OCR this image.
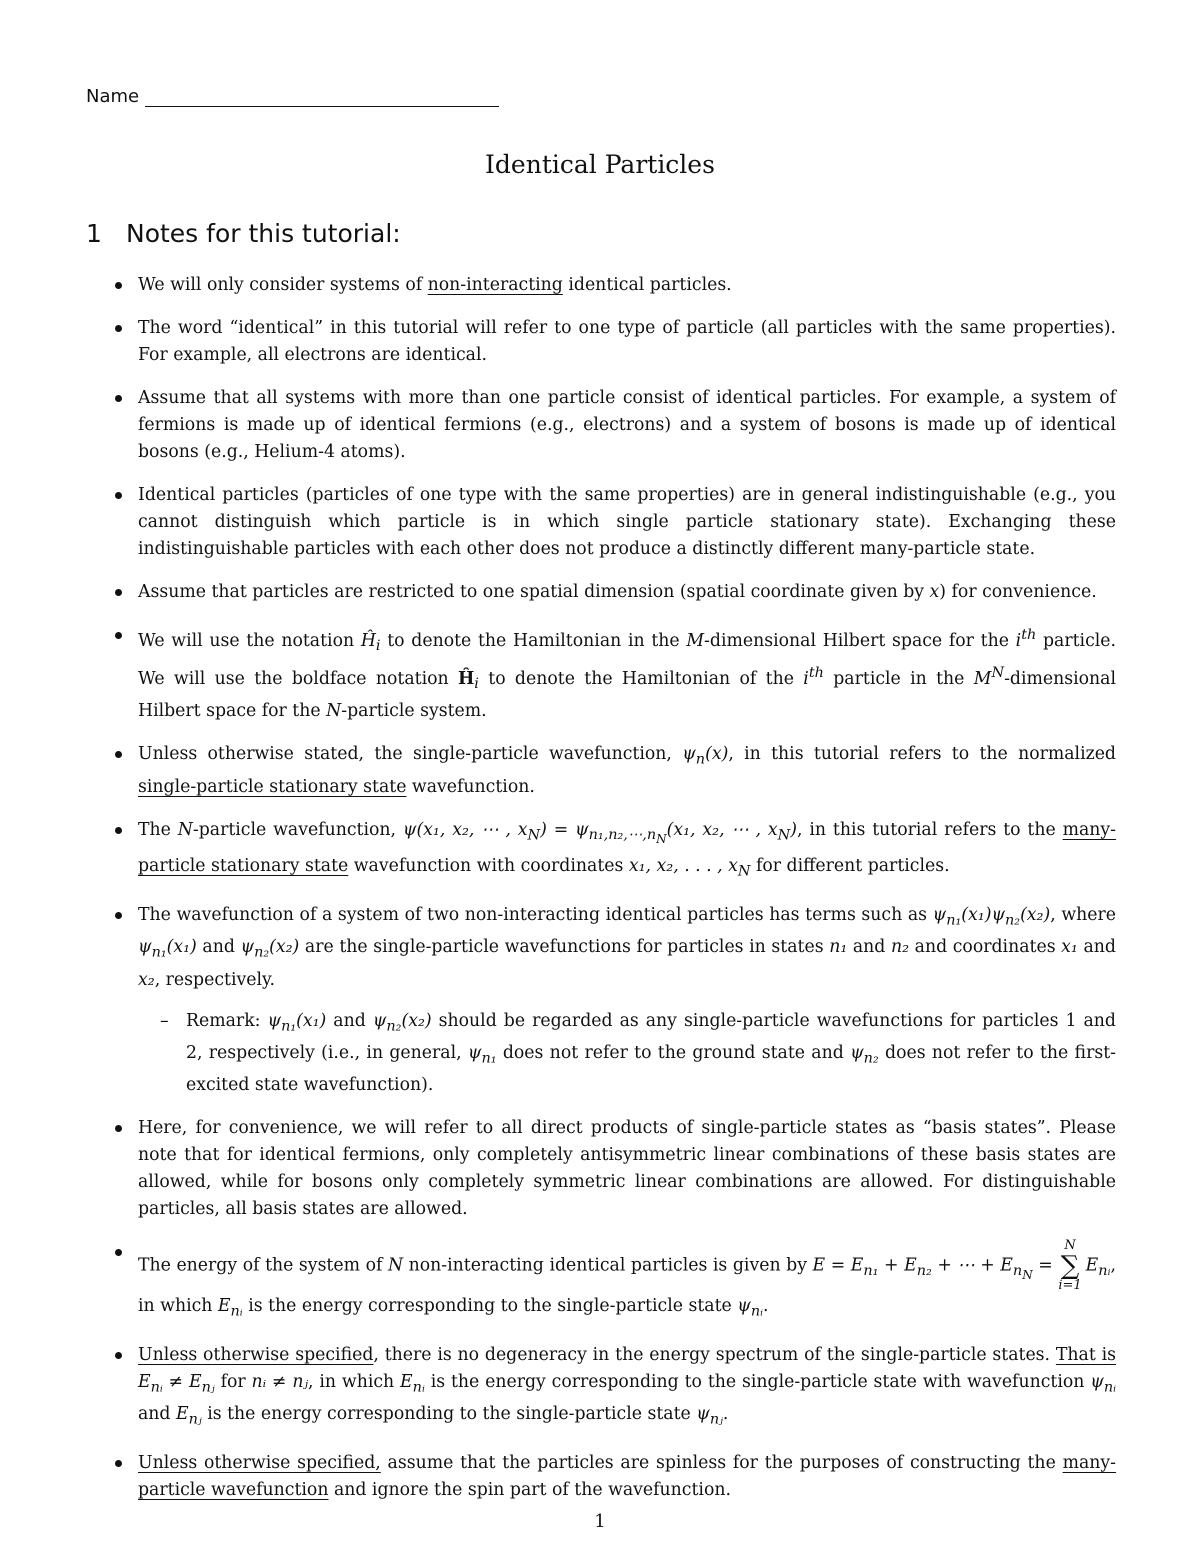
Name
Identical Particles
1 Notes for this tutorial:
We will only consider systems of non-interacting identical particles.
The word “identical” in this tutorial will refer to one type of particle (all particles with the same properties). For example, all electrons are identical.
Assume that all systems with more than one particle consist of identical particles. For example, a system of fermions is made up of identical fermions (e.g., electrons) and a system of bosons is made up of identical bosons (e.g., Helium-4 atoms).
Identical particles (particles of one type with the same properties) are in general indistinguishable (e.g., you cannot distinguish which particle is in which single particle stationary state). Exchanging these indistinguishable particles with each other does not produce a distinctly different many-particle state.
Assume that particles are restricted to one spatial dimension (spatial coordinate given by x) for convenience.
We will use the notation $Ĥ_i$ to denote the Hamiltonian in the M-dimensional Hilbert space for the $i^{th}$ particle. We will use the boldface notation $Ĥ_i$ to denote the Hamiltonian of the $i^{th}$ particle in the $M^N$-dimensional Hilbert space for the N-particle system.
Unless otherwise stated, the single-particle wavefunction, $\psi_n(x)$, in this tutorial refers to the normalized single-particle stationary state wavefunction.
The N-particle wavefunction, ψ(x₁, x₂, ⋯ , $x_N) = \psi_{n_1,n_2,\cdots,n_N}(x_1$, x₂, ⋯ , $x_N$), in this tutorial refers to the many-particle stationary state wavefunction with coordinates x₁, x₂, . . . , $x_N$ for different particles.
The wavefunction of a system of two non-interacting identical particles has terms such as $\psi_{n_1}(x_1)\psi_{n_2}(x_2)$, where $\psi_{n_1}(x_1)$ and $\psi_{n_2}(x_2)$ are the single-particle wavefunctions for particles in states n₁ and n₂ and coordinates x₁ and x₂, respectively.
– Remark: $\psi_{n_1}(x_1)$ and $\psi_{n_2}(x_2)$ should be regarded as any single-particle wavefunctions for particles 1 and 2, respectively (i.e., in general, $\psi_{n_1}$ does not refer to the ground state and $\psi_{n_2}$ does not refer to the first-excited state wavefunction).
Here, for convenience, we will refer to all direct products of single-particle states as “basis states”. Please note that for identical fermions, only completely antisymmetric linear combinations of these basis states are allowed, while for bosons only completely symmetric linear combinations are allowed. For distinguishable particles, all basis states are allowed.
The energy of the system of N non-interacting identical particles is given by $E = E_{n_1} + E_{n_2}$ + ⋯ + $E_{n_N} = N$
∑
$i=1E_{nᵢ}$, in which $E_{nᵢ}$ is the energy corresponding to the single-particle state $\psi_{nᵢ}$.
Unless otherwise specified, there is no degeneracy in the energy spectrum of the single-particle states. That is $E_{nᵢ} \ne E_{nⱼ}$ for nᵢ ≠ nⱼ, in which $E_{nᵢ}$ is the energy corresponding to the single-particle state with wavefunction $\psi_{nᵢ}$ and $E_{nⱼ}$ is the energy corresponding to the single-particle state $\psi_{nⱼ}$.
Unless otherwise specified, assume that the particles are spinless for the purposes of constructing the many-particle wavefunction and ignore the spin part of the wavefunction.
1
